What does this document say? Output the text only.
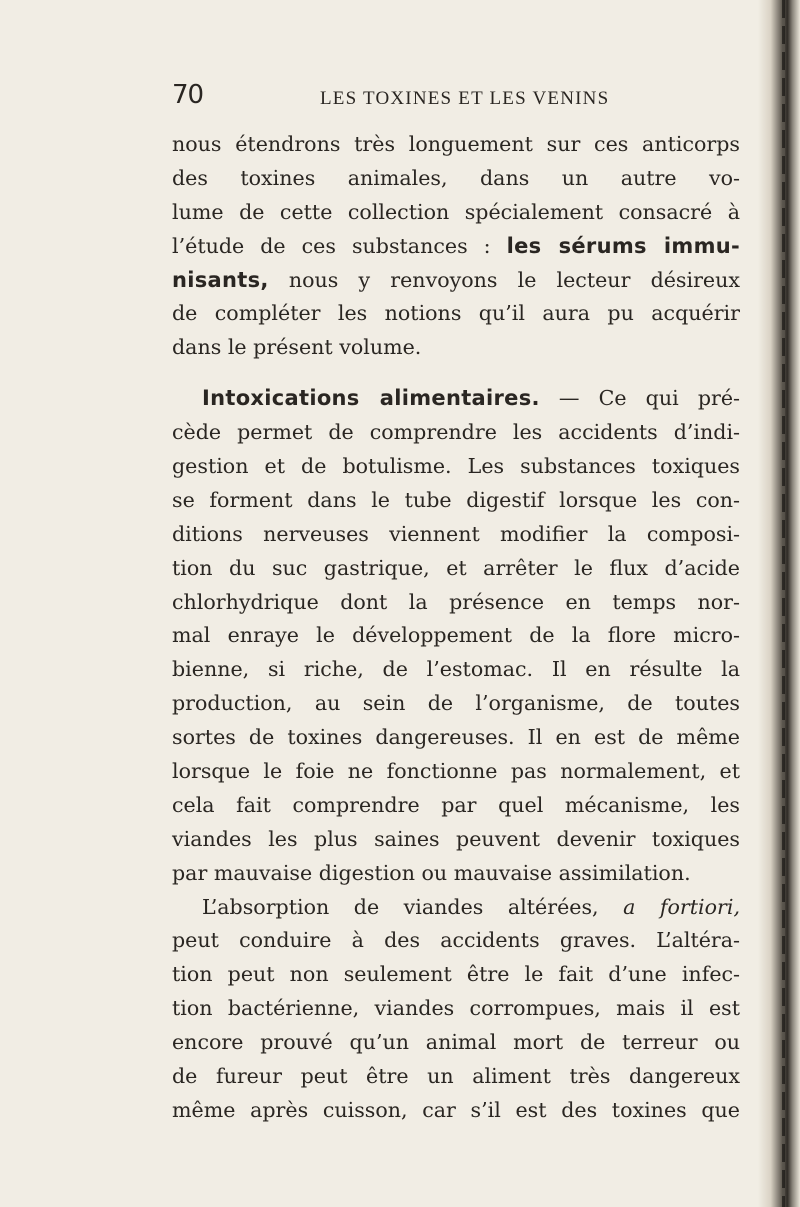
70	LES TOXINES ET LES VENINS
nous étendrons très longuement sur ces anticorps
des toxines animales, dans un autre vo-
lume de cette collection spécialement consacré à
l’étude de ces substances : les sérums immu-
nisants, nous y renvoyons le lecteur désireux
de compléter les notions qu’il aura pu acquérir
dans le présent volume.
Intoxications alimentaires. — Ce qui pré-
cède permet de comprendre les accidents d’indi-
gestion et de botulisme. Les substances toxiques
se forment dans le tube digestif lorsque les con-
ditions nerveuses viennent modifier la composi-
tion du suc gastrique, et arrêter le flux d’acide
chlorhydrique dont la présence en temps nor-
mal enraye le développement de la flore micro-
bienne, si riche, de l’estomac. Il en résulte la
production, au sein de l’organisme, de toutes
sortes de toxines dangereuses. Il en est de même
lorsque le foie ne fonctionne pas normalement, et
cela fait comprendre par quel mécanisme, les
viandes les plus saines peuvent devenir toxiques
par mauvaise digestion ou mauvaise assimilation.
L’absorption de viandes altérées, a fortiori,
peut conduire à des accidents graves. L’altéra-
tion peut non seulement être le fait d’une infec-
tion bactérienne, viandes corrompues, mais il est
encore prouvé qu’un animal mort de terreur ou
de fureur peut être un aliment très dangereux
même après cuisson, car s’il est des toxines que
